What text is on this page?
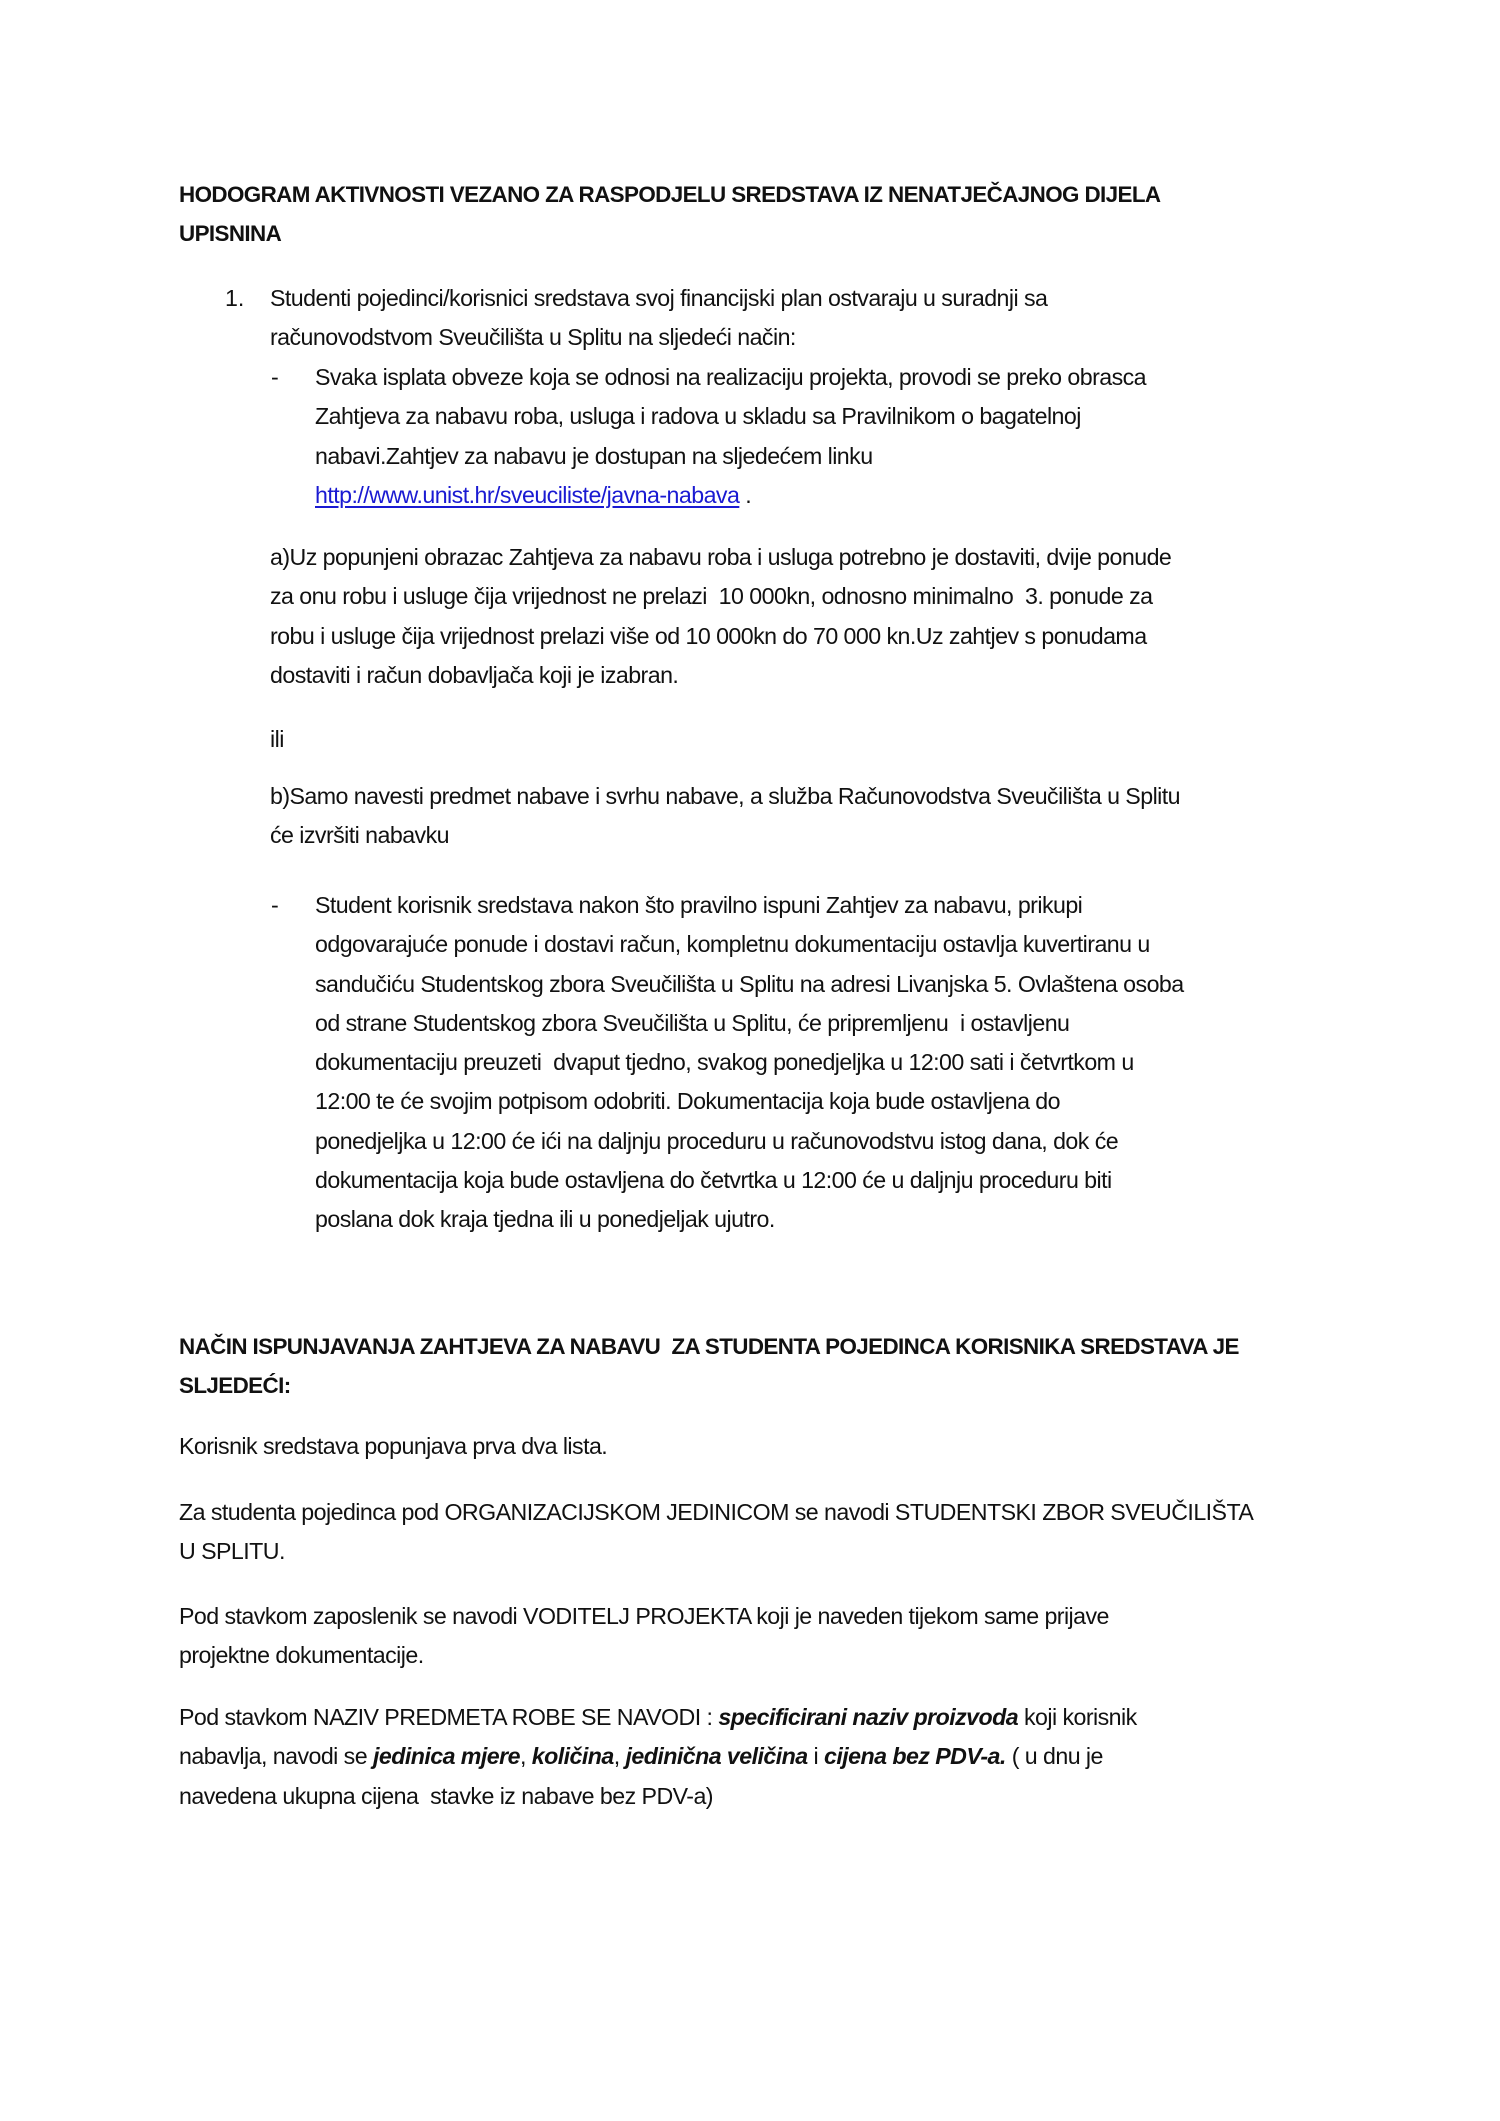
HODOGRAM AKTIVNOSTI VEZANO ZA RASPODJELU SREDSTAVA IZ NENATJEČAJNOG DIJELA
UPISNINA
1. Studenti pojedinci/korisnici sredstava svoj financijski plan ostvaraju u suradnji sa
računovodstvom Sveučilišta u Splitu na sljedeći način:
- Svaka isplata obveze koja se odnosi na realizaciju projekta, provodi se preko obrasca
Zahtjeva za nabavu roba, usluga i radova u skladu sa Pravilnikom o bagatelnoj
nabavi.Zahtjev za nabavu je dostupan na sljedećem linku
http://www.unist.hr/sveuciliste/javna-nabava .
a)Uz popunjeni obrazac Zahtjeva za nabavu roba i usluga potrebno je dostaviti, dvije ponude
za onu robu i usluge čija vrijednost ne prelazi  10 000kn, odnosno minimalno  3. ponude za
robu i usluge čija vrijednost prelazi više od 10 000kn do 70 000 kn.Uz zahtjev s ponudama
dostaviti i račun dobavljača koji je izabran.
ili
b)Samo navesti predmet nabave i svrhu nabave, a služba Računovodstva Sveučilišta u Splitu
će izvršiti nabavku
- Student korisnik sredstava nakon što pravilno ispuni Zahtjev za nabavu, prikupi
odgovarajuće ponude i dostavi račun, kompletnu dokumentaciju ostavlja kuvertiranu u
sandučiću Studentskog zbora Sveučilišta u Splitu na adresi Livanjska 5. Ovlaštena osoba
od strane Studentskog zbora Sveučilišta u Splitu, će pripremljenu  i ostavljenu
dokumentaciju preuzeti  dvaput tjedno, svakog ponedjeljka u 12:00 sati i četvrtkom u
12:00 te će svojim potpisom odobriti. Dokumentacija koja bude ostavljena do
ponedjeljka u 12:00 će ići na daljnju proceduru u računovodstvu istog dana, dok će
dokumentacija koja bude ostavljena do četvrtka u 12:00 će u daljnju proceduru biti
poslana dok kraja tjedna ili u ponedjeljak ujutro.
NAČIN ISPUNJAVANJA ZAHTJEVA ZA NABAVU  ZA STUDENTA POJEDINCA KORISNIKA SREDSTAVA JE
SLJEDEĆI:
Korisnik sredstava popunjava prva dva lista.
Za studenta pojedinca pod ORGANIZACIJSKOM JEDINICOM se navodi STUDENTSKI ZBOR SVEUČILIŠTA
U SPLITU.
Pod stavkom zaposlenik se navodi VODITELJ PROJEKTA koji je naveden tijekom same prijave
projektne dokumentacije.
Pod stavkom NAZIV PREDMETA ROBE SE NAVODI : specificirani naziv proizvoda koji korisnik
nabavlja, navodi se jedinica mjere, količina, jedinična veličina i cijena bez PDV-a. ( u dnu je
navedena ukupna cijena  stavke iz nabave bez PDV-a)
